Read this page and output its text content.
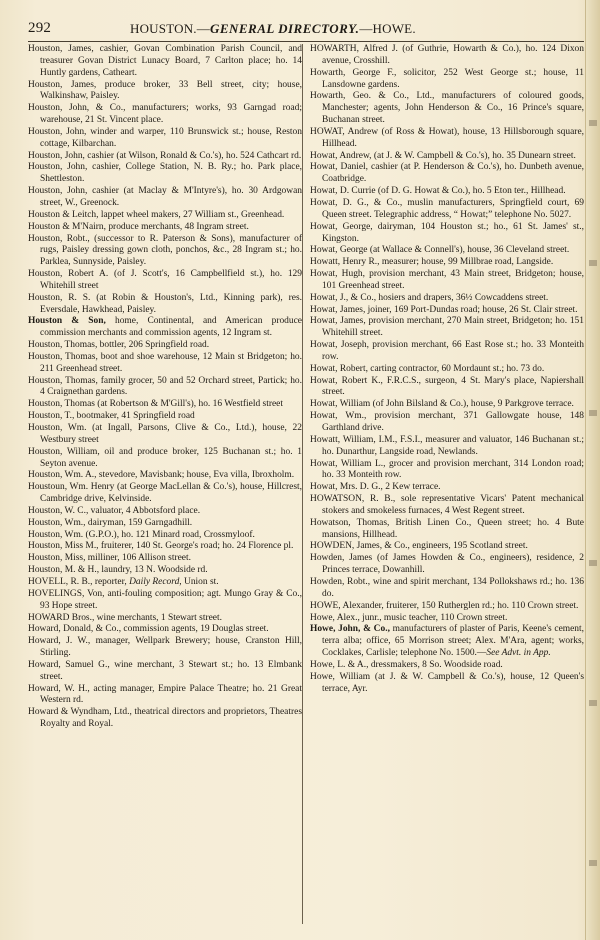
292	HOUSTON.—GENERAL DIRECTORY.—HOWE.

Houston, James, cashier, Govan Combination Parish Council, and treasurer Govan District Lunacy Board, 7 Carlton place; ho. 14 Huntly gardens, Catheart.

Houston, James, produce broker, 33 Bell street, city; house, Walkinshaw, Paisley.

Houston, John, & Co., manufacturers; works, 93 Garngad road; warehouse, 21 St. Vincent place.

Houston, John, winder and warper, 110 Brunswick st.; house, Reston cottage, Kilbarchan.

Houston, John, cashier (at Wilson, Ronald & Co.'s), ho. 524 Cathcart rd.

Houston, John, cashier, College Station, N. B. Ry.; ho. Park place, Shettleston.

Houston, John, cashier (at Maclay & M'Intyre's), ho. 30 Ardgowan street, W., Greenock.

Houston & Leitch, lappet wheel makers, 27 William st., Greenhead.

Houston & M'Nairn, produce merchants, 48 Ingram street.

Houston, Robt., (successor to R. Paterson & Sons), manufacturer of rugs, Paisley dressing gown cloth, ponchos, &c., 28 Ingram st.; ho. Parklea, Sunnyside, Paisley.

Houston, Robert A. (of J. Scott's, 16 Campbellfield st.), ho. 129 Whitehill street

Houston, R. S. (at Robin & Houston's, Ltd., Kinning park), res. Eversdale, Hawkhead, Paisley.

Houston & Son, home, Continental, and American produce commission merchants and commission agents, 12 Ingram st.

Houston, Thomas, bottler, 206 Springfield road.

Houston, Thomas, boot and shoe warehouse, 12 Main st Bridgeton; ho. 211 Greenhead street.

Houston, Thomas, family grocer, 50 and 52 Orchard street, Partick; ho. 4 Craignethan gardens.

Houston, Thomas (at Robertson & M'Gill's), ho. 16 Westfield street

Houston, T., bootmaker, 41 Springfield road

Houston, Wm. (at Ingall, Parsons, Clive & Co., Ltd.), house, 22 Westbury street

Houston, William, oil and produce broker, 125 Buchanan st.; ho. 1 Seyton avenue.

Houston, Wm. A., stevedore, Mavisbank; house, Eva villa, Ibroxholm.

Houstoun, Wm. Henry (at George MacLellan & Co.'s), house, Hillcrest, Cambridge drive, Kelvinside.

Houston, W. C., valuator, 4 Abbotsford place.

Houston, Wm., dairyman, 159 Garngadhill.

Houston, Wm. (G.P.O.), ho. 121 Minard road, Crossmyloof.

Houston, Miss M., fruiterer, 140 St. George's road; ho. 24 Florence pl.

Houston, Miss, milliner, 106 Allison street.

Houston, M. & H., laundry, 13 N. Woodside rd.

HOVELL, R. B., reporter, Daily Record, Union st.

HOVELINGS, Von, anti-fouling composition; agt. Mungo Gray & Co., 93 Hope street.

HOWARD Bros., wine merchants, 1 Stewart street.

Howard, Donald, & Co., commission agents, 19 Douglas street.

Howard, J. W., manager, Wellpark Brewery; house, Cranston Hill, Stirling.

Howard, Samuel G., wine merchant, 3 Stewart st.; ho. 13 Elmbank street.

Howard, W. H., acting manager, Empire Palace Theatre; ho. 21 Great Western rd.

Howard & Wyndham, Ltd., theatrical directors and proprietors, Theatres Royalty and Royal.

HOWARTH, Alfred J. (of Guthrie, Howarth & Co.), ho. 124 Dixon avenue, Crosshill.

Howarth, George F., solicitor, 252 West George st.; house, 11 Lansdowne gardens.

Howarth, Geo. & Co., Ltd., manufacturers of coloured goods, Manchester; agents, John Henderson & Co., 16 Prince's square, Buchanan street.

HOWAT, Andrew (of Ross & Howat), house, 13 Hillsborough square, Hillhead.

Howat, Andrew, (at J. & W. Campbell & Co.'s), ho. 35 Dunearn street.

Howat, Daniel, cashier (at P. Henderson & Co.'s), ho. Dunbeth avenue, Coatbridge.

Howat, D. Currie (of D. G. Howat & Co.), ho. 5 Eton ter., Hillhead.

Howat, D. G., & Co., muslin manufacturers, Springfield court, 69 Queen street. Telegraphic address, “ Howat;” telephone No. 5027.

Howat, George, dairyman, 104 Houston st.; ho., 61 St. James' st., Kingston.

Howat, George (at Wallace & Connell's), house, 36 Cleveland street.

Howatt, Henry R., measurer; house, 99 Millbrae road, Langside.

Howat, Hugh, provision merchant, 43 Main street, Bridgeton; house, 101 Greenhead street.

Howat, J., & Co., hosiers and drapers, 36½ Cowcaddens street.

Howat, James, joiner, 169 Port-Dundas road; house, 26 St. Clair street.

Howat, James, provision merchant, 270 Main street, Bridgeton; ho. 151 Whitehill street.

Howat, Joseph, provision merchant, 66 East Rose st.; ho. 33 Monteith row.

Howat, Robert, carting contractor, 60 Mordaunt st.; ho. 73 do.

Howat, Robert K., F.R.C.S., surgeon, 4 St. Mary's place, Napiershall street.

Howat, William (of John Bilsland & Co.), house, 9 Parkgrove terrace.

Howat, Wm., provision merchant, 371 Gallowgate house, 148 Garthland drive.

Howatt, William, I.M., F.S.I., measurer and valuator, 146 Buchanan st.; ho. Dunarthur, Langside road, Newlands.

Howat, William L., grocer and provision merchant, 314 London road; ho. 33 Monteith row.

Howat, Mrs. D. G., 2 Kew terrace.

HOWATSON, R. B., sole representative Vicars' Patent mechanical stokers and smokeless furnaces, 4 West Regent street.

Howatson, Thomas, British Linen Co., Queen street; ho. 4 Bute mansions, Hillhead.

HOWDEN, James, & Co., engineers, 195 Scotland street.

Howden, James (of James Howden & Co., engineers), residence, 2 Princes terrace, Dowanhill.

Howden, Robt., wine and spirit merchant, 134 Pollokshaws rd.; ho. 136 do.

HOWE, Alexander, fruiterer, 150 Rutherglen rd.; ho. 110 Crown street.

Howe, Alex., junr., music teacher, 110 Crown street.

Howe, John, & Co., manufacturers of plaster of Paris, Keene's cement, terra alba; office, 65 Morrison street; Alex. M'Ara, agent; works, Cocklakes, Carlisle; telephone No. 1500.—See Advt. in App.

Howe, L. & A., dressmakers, 8 So. Woodside road.

Howe, William (at J. & W. Campbell & Co.'s), house, 12 Queen's terrace, Ayr.
